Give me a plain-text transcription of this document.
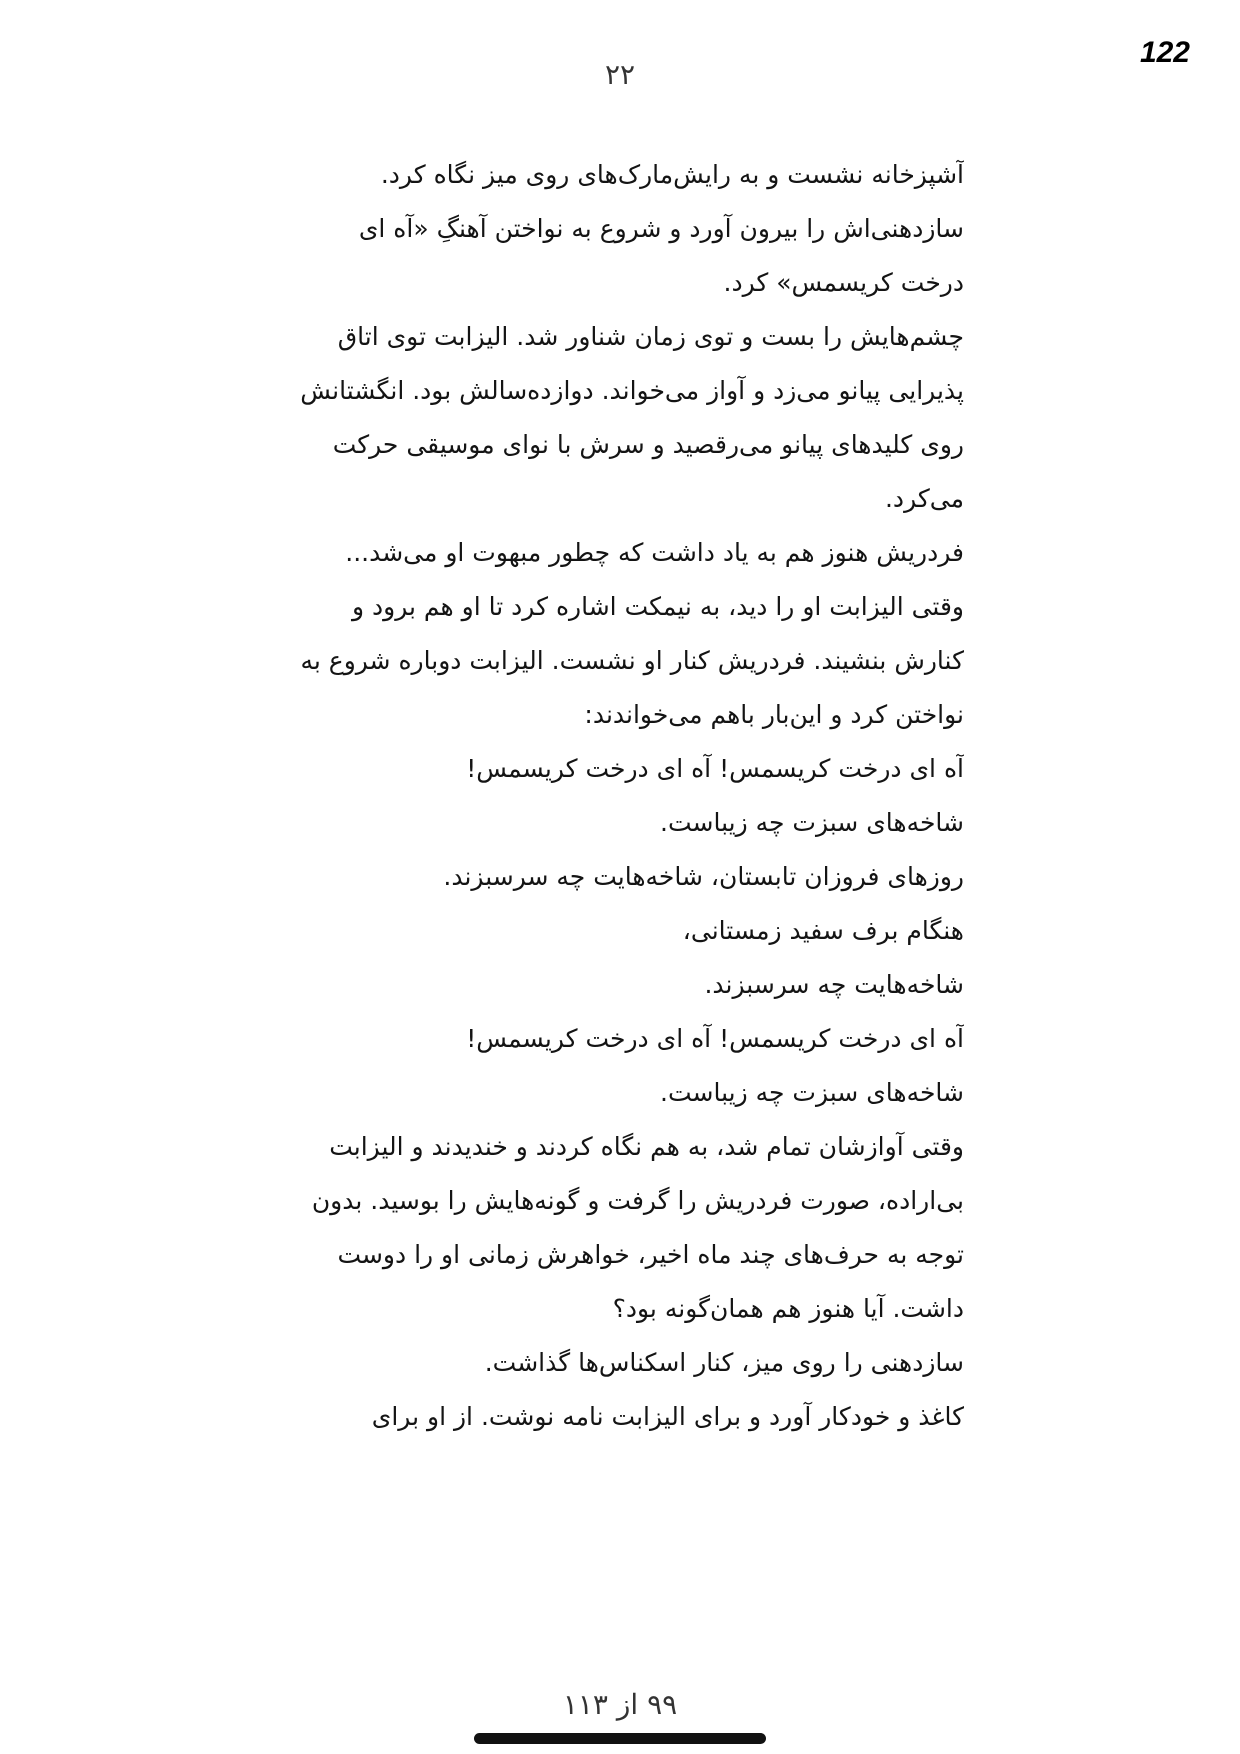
122
۲۲
آشپزخانه نشست و به رایش‌مارک‌های روی میز نگاه کرد.
سازدهنی‌اش را بیرون آورد و شروع به نواختن آهنگِ «آه ای
درخت کریسمس» کرد.
چشم‌هایش را بست و توی زمان شناور شد. الیزابت توی اتاق
پذیرایی پیانو می‌زد و آواز می‌خواند. دوازده‌سالش بود. انگشتانش
روی کلیدهای پیانو می‌رقصید و سرش با نوای موسیقی حرکت
می‌کرد.
فردریش هنوز هم به یاد داشت که چطور مبهوت او می‌شد...
وقتی الیزابت او را دید، به نیمکت اشاره کرد تا او هم برود و
کنارش بنشیند. فردریش کنار او نشست. الیزابت دوباره شروع به
نواختن کرد و این‌بار باهم می‌خواندند:
آه ای درخت کریسمس! آه ای درخت کریسمس!
شاخه‌های سبزت چه زیباست.
روزهای فروزان تابستان، شاخه‌هایت چه سرسبزند.
هنگام برف سفید زمستانی،
شاخه‌هایت چه سرسبزند.
آه ای درخت کریسمس! آه ای درخت کریسمس!
شاخه‌های سبزت چه زیباست.
وقتی آوازشان تمام شد، به هم نگاه کردند و خندیدند و الیزابت
بی‌اراده، صورت فردریش را گرفت و گونه‌هایش را بوسید. بدون
توجه به حرف‌های چند ماه اخیر، خواهرش زمانی او را دوست
داشت. آیا هنوز هم همان‌گونه بود؟
سازدهنی را روی میز، کنار اسکناس‌ها گذاشت.
کاغذ و خودکار آورد و برای الیزابت نامه نوشت. از او برای
۹۹ از ۱۱۳
